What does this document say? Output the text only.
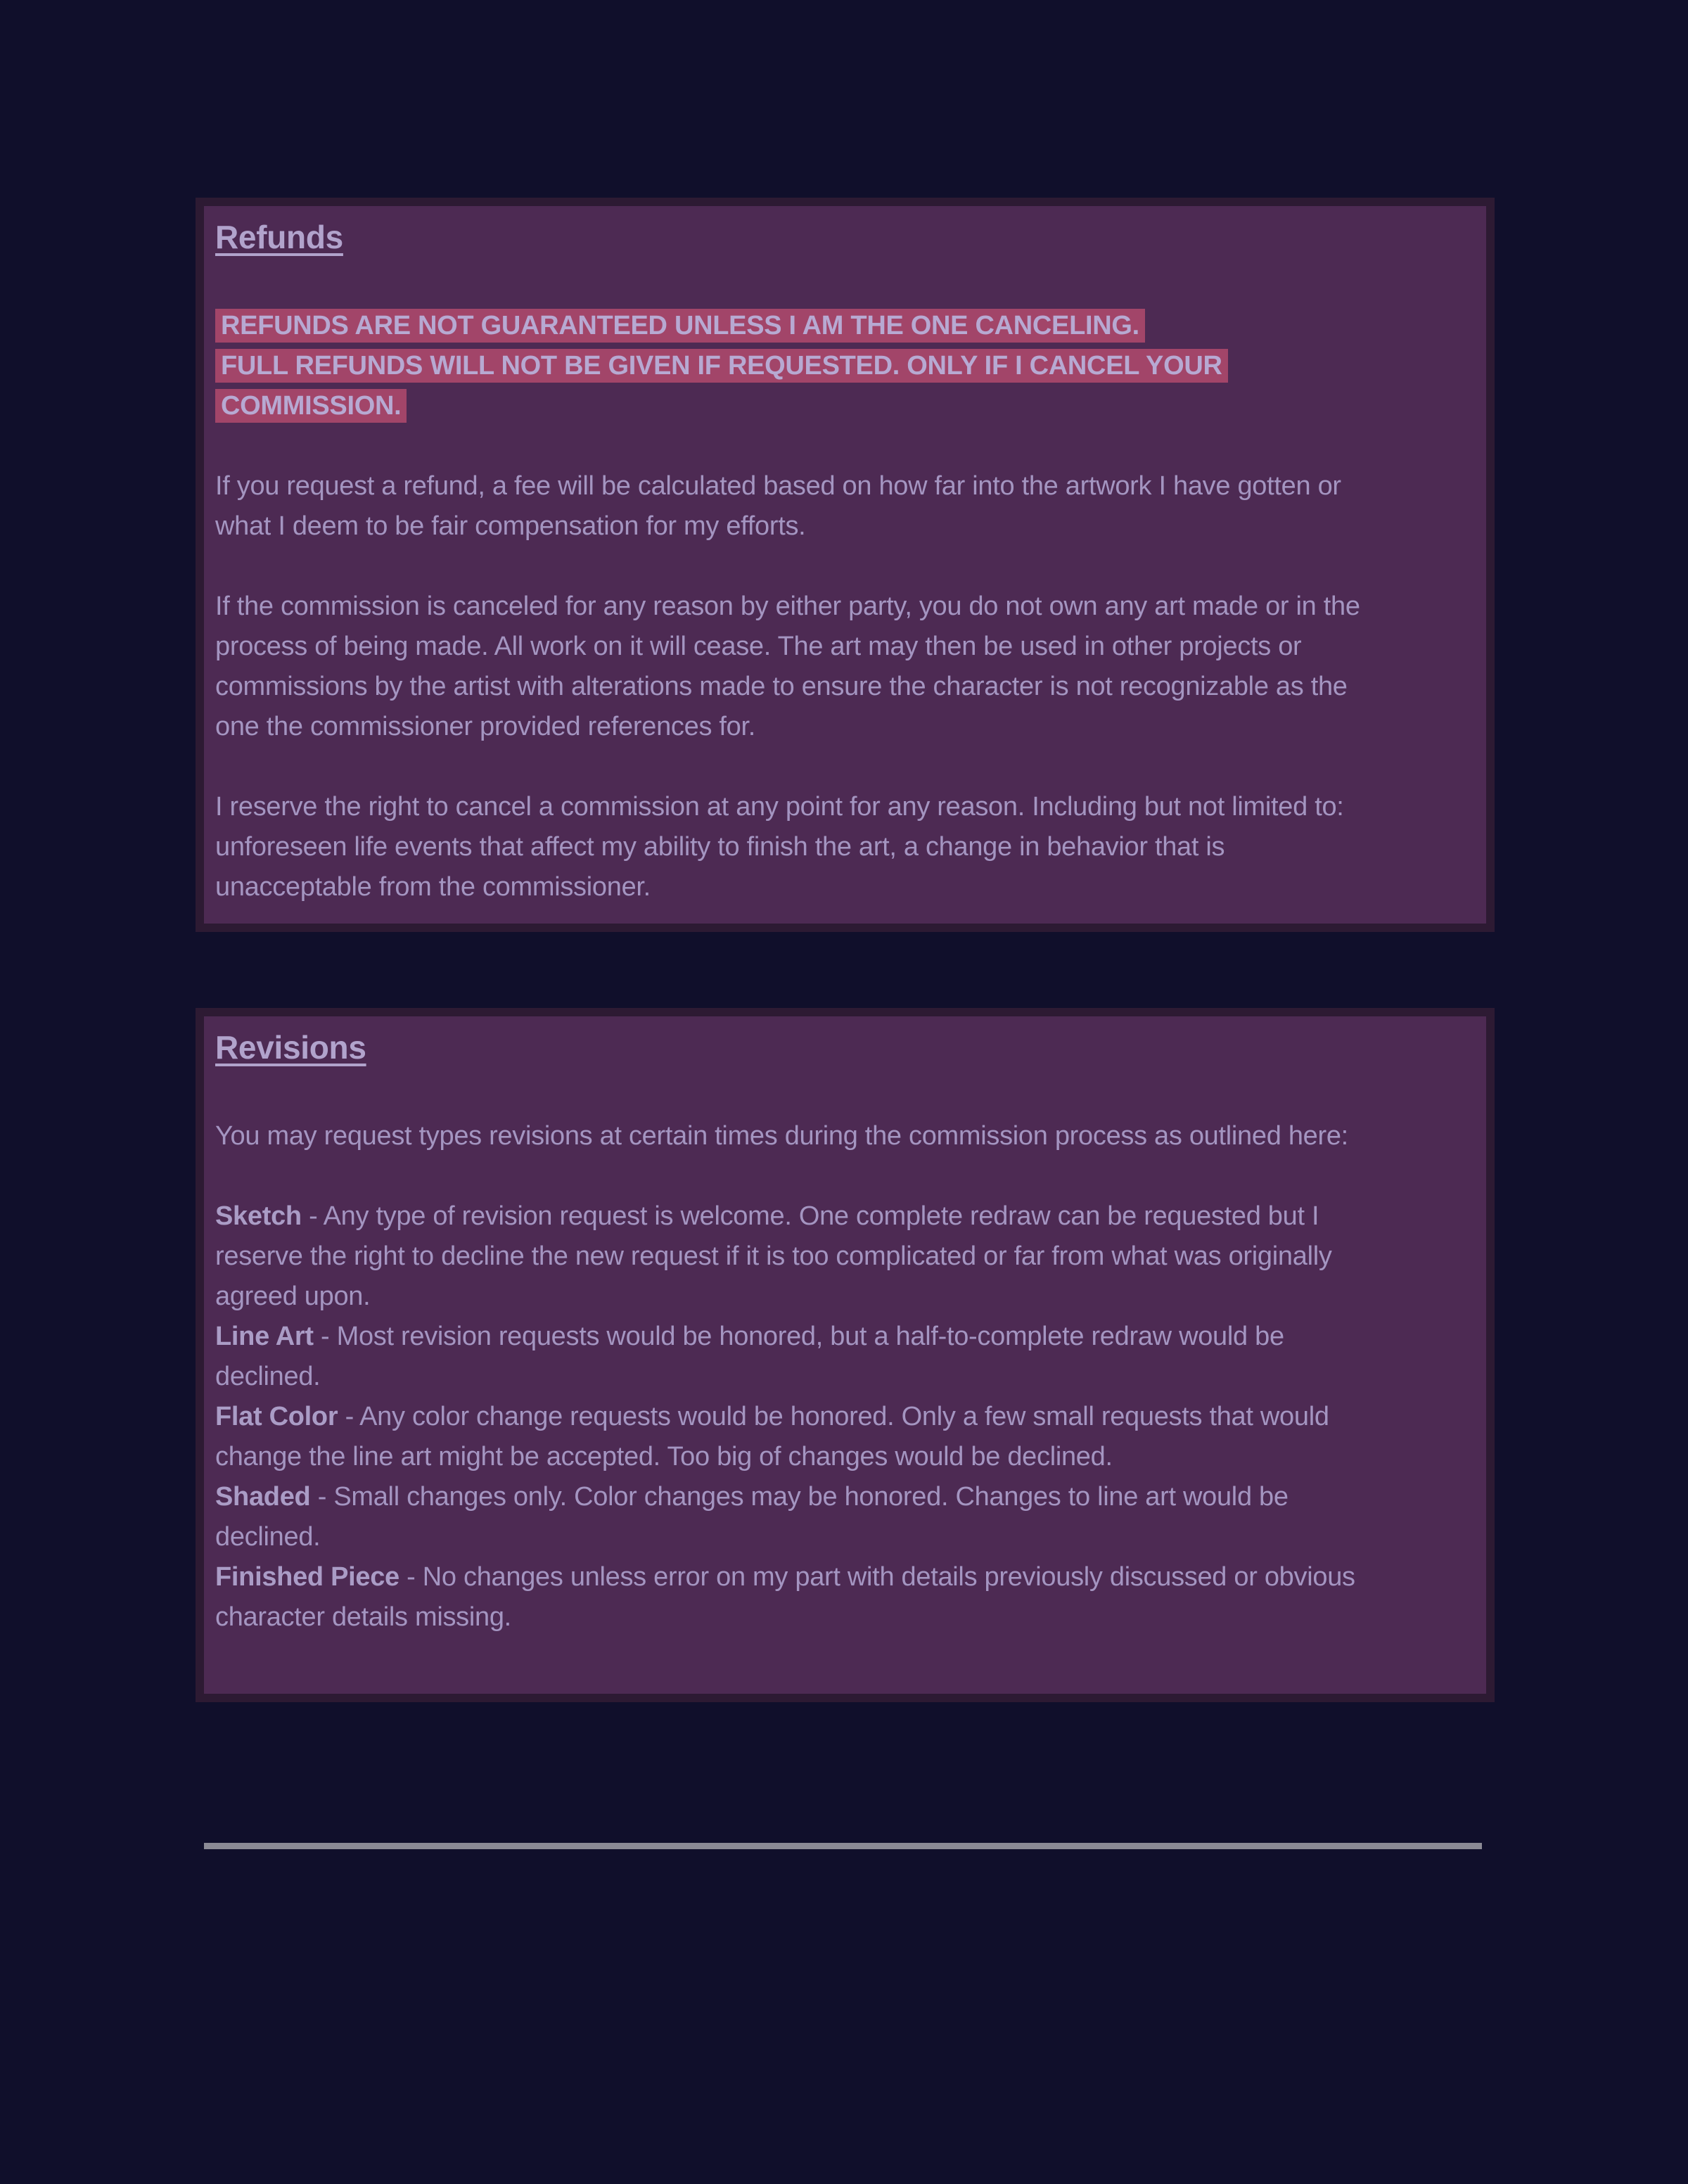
Refunds

REFUNDS ARE NOT GUARANTEED UNLESS I AM THE ONE CANCELING.

FULL REFUNDS WILL NOT BE GIVEN IF REQUESTED. ONLY IF I CANCEL YOUR COMMISSION.

If you request a refund, a fee will be calculated based on how far into the artwork I have gotten or what I deem to be fair compensation for my efforts.

If the commission is canceled for any reason by either party, you do not own any art made or in the process of being made. All work on it will cease. The art may then be used in other projects or commissions by the artist with alterations made to ensure the character is not recognizable as the one the commissioner provided references for.

I reserve the right to cancel a commission at any point for any reason. Including but not limited to: unforeseen life events that affect my ability to finish the art, a change in behavior that is unacceptable from the commissioner.

Revisions

You may request types revisions at certain times during the commission process as outlined here:

Sketch - Any type of revision request is welcome. One complete redraw can be requested but I reserve the right to decline the new request if it is too complicated or far from what was originally agreed upon.

Line Art - Most revision requests would be honored, but a half-to-complete redraw would be declined.

Flat Color - Any color change requests would be honored. Only a few small requests that would change the line art might be accepted. Too big of changes would be declined.

Shaded - Small changes only. Color changes may be honored. Changes to line art would be declined.

Finished Piece - No changes unless error on my part with details previously discussed or obvious character details missing.
